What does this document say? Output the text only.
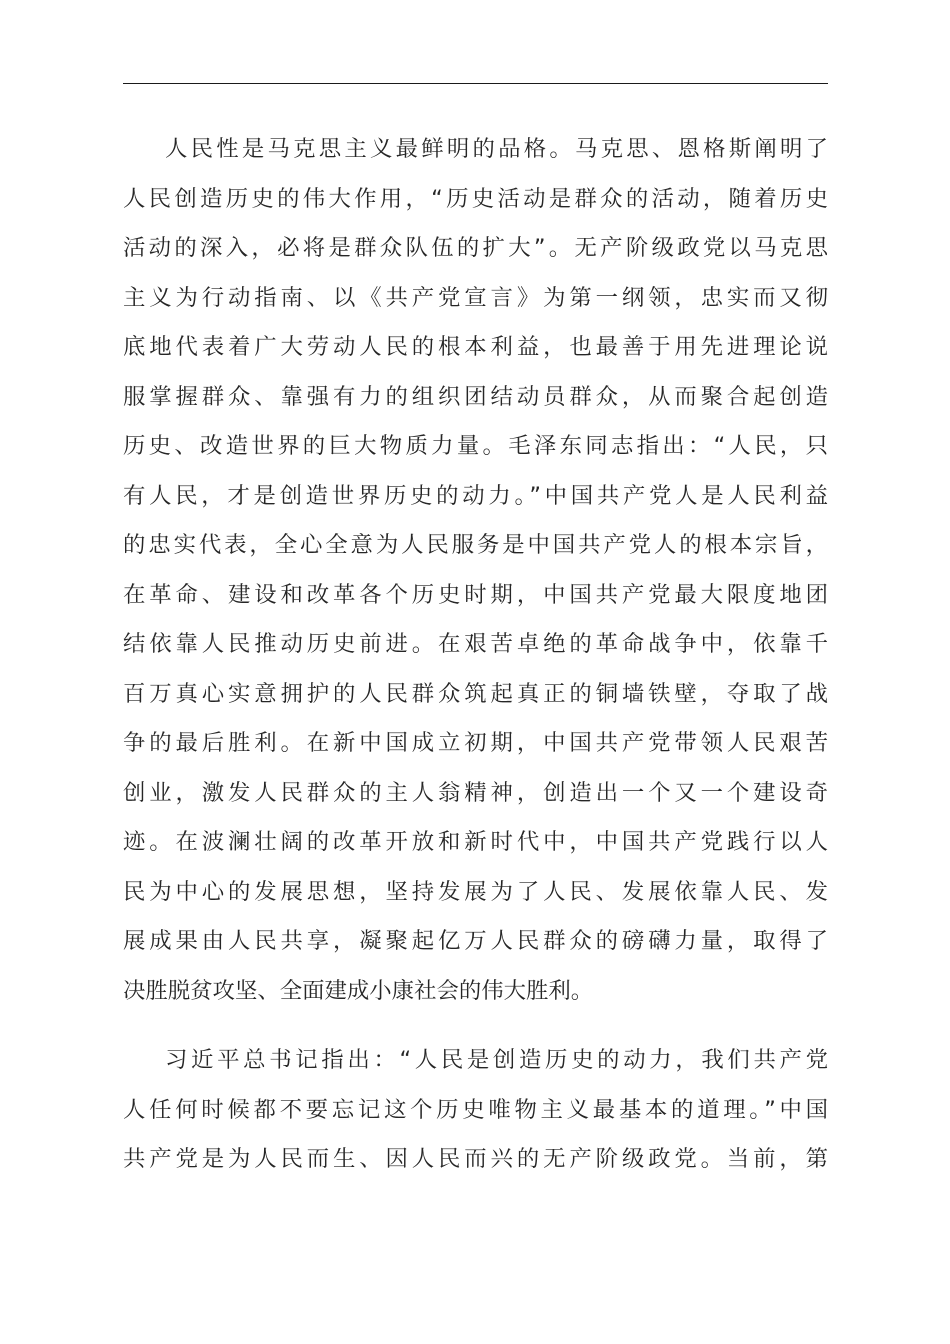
人民性是马克思主义最鲜明的品格。马克思、恩格斯阐明了
人民创造历史的伟大作用，“历史活动是群众的活动，随着历史
活动的深入，必将是群众队伍的扩大”。无产阶级政党以马克思
主义为行动指南、以《共产党宣言》为第一纲领，忠实而又彻
底地代表着广大劳动人民的根本利益，也最善于用先进理论说
服掌握群众、靠强有力的组织团结动员群众，从而聚合起创造
历史、改造世界的巨大物质力量。毛泽东同志指出：“人民，只
有人民，才是创造世界历史的动力。”中国共产党人是人民利益
的忠实代表，全心全意为人民服务是中国共产党人的根本宗旨，
在革命、建设和改革各个历史时期，中国共产党最大限度地团
结依靠人民推动历史前进。在艰苦卓绝的革命战争中，依靠千
百万真心实意拥护的人民群众筑起真正的铜墙铁壁，夺取了战
争的最后胜利。在新中国成立初期，中国共产党带领人民艰苦
创业，激发人民群众的主人翁精神，创造出一个又一个建设奇
迹。在波澜壮阔的改革开放和新时代中，中国共产党践行以人
民为中心的发展思想，坚持发展为了人民、发展依靠人民、发
展成果由人民共享，凝聚起亿万人民群众的磅礴力量，取得了
决胜脱贫攻坚、全面建成小康社会的伟大胜利。
习近平总书记指出：“人民是创造历史的动力，我们共产党
人任何时候都不要忘记这个历史唯物主义最基本的道理。”中国
共产党是为人民而生、因人民而兴的无产阶级政党。当前，第
